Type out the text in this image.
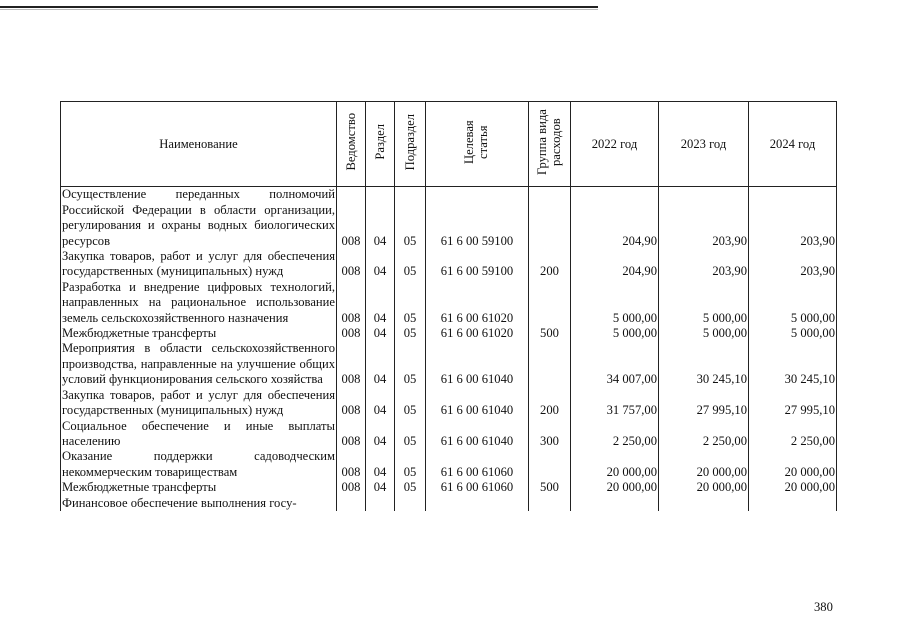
Наименование	Ведомство	Раздел	Подраздел	Целевая статья	Группа вида расходов	2022 год	2023 год	2024 год
Осуществление переданных полномочий Российской Федерации в области организации, регулирования и охраны водных биологических ресурсов	008	04	05	61 6 00 59100		204,90	203,90	203,90
Закупка товаров, работ и услуг для обеспечения государственных (муниципальных) нужд	008	04	05	61 6 00 59100	200	204,90	203,90	203,90
Разработка и внедрение цифровых технологий, направленных на рациональное использование земель сельскохозяйственного назначения	008	04	05	61 6 00 61020		5 000,00	5 000,00	5 000,00
Межбюджетные трансферты	008	04	05	61 6 00 61020	500	5 000,00	5 000,00	5 000,00
Мероприятия в области сельскохозяйственного производства, направленные на улучшение общих условий функционирования сельского хозяйства	008	04	05	61 6 00 61040		34 007,00	30 245,10	30 245,10
Закупка товаров, работ и услуг для обеспечения государственных (муниципальных) нужд	008	04	05	61 6 00 61040	200	31 757,00	27 995,10	27 995,10
Социальное обеспечение и иные выплаты населению	008	04	05	61 6 00 61040	300	2 250,00	2 250,00	2 250,00
Оказание поддержки садоводческим некоммерческим товариществам	008	04	05	61 6 00 61060		20 000,00	20 000,00	20 000,00
Межбюджетные трансферты	008	04	05	61 6 00 61060	500	20 000,00	20 000,00	20 000,00
Финансовое обеспечение выполнения госу-								
380
